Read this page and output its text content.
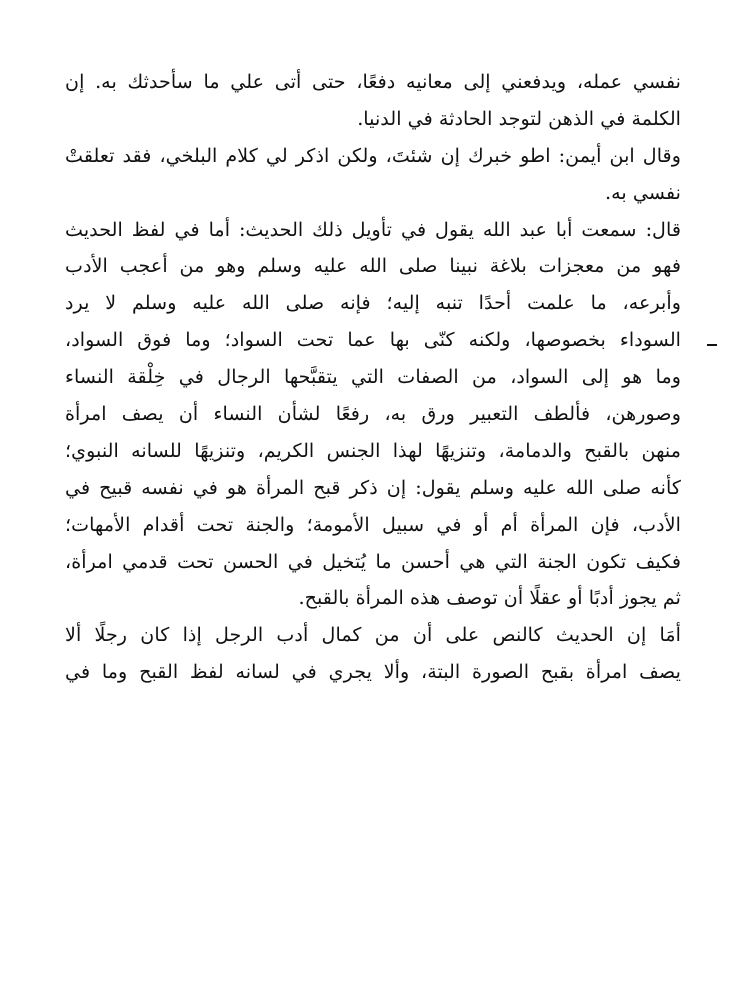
نفسي عمله، ويدفعني إلى معانيه دفعًا، حتى أتى علي ما سأحدثك به. إن
الكلمة في الذهن لتوجد الحادثة في الدنيا.
وقال ابن أيمن: اطو خبرك إن شئتَ، ولكن اذكر لي كلام البلخي، فقد تعلقتْ
نفسي به.
قال: سمعت أبا عبد الله يقول في تأويل ذلك الحديث: أما في لفظ الحديث
فهو من معجزات بلاغة نبينا صلى الله عليه وسلم وهو من أعجب الأدب
وأبرعه، ما علمت أحدًا تنبه إليه؛ فإنه صلى الله عليه وسلم لا يرد
السوداء بخصوصها، ولكنه كنّى بها عما تحت السواد؛ وما فوق السواد،
وما هو إلى السواد، من الصفات التي يتقبَّحها الرجال في خِلْقة النساء
وصورهن، فألطف التعبير ورق به، رفعًا لشأن النساء أن يصف امرأة
منهن بالقبح والدمامة، وتنزيهًا لهذا الجنس الكريم، وتنزيهًا للسانه النبوي؛
كأنه صلى الله عليه وسلم يقول: إن ذكر قبح المرأة هو في نفسه قبيح في
الأدب، فإن المرأة أم أو في سبيل الأمومة؛ والجنة تحت أقدام الأمهات؛
فكيف تكون الجنة التي هي أحسن ما يُتخيل في الحسن تحت قدمي امرأة،
ثم يجوز أدبًا أو عقلًا أن توصف هذه المرأة بالقبح.
أمَا إن الحديث كالنص على أن من كمال أدب الرجل إذا كان رجلًا ألا
يصف امرأة بقبح الصورة البتة، وألا يجري في لسانه لفظ القبح وما في
